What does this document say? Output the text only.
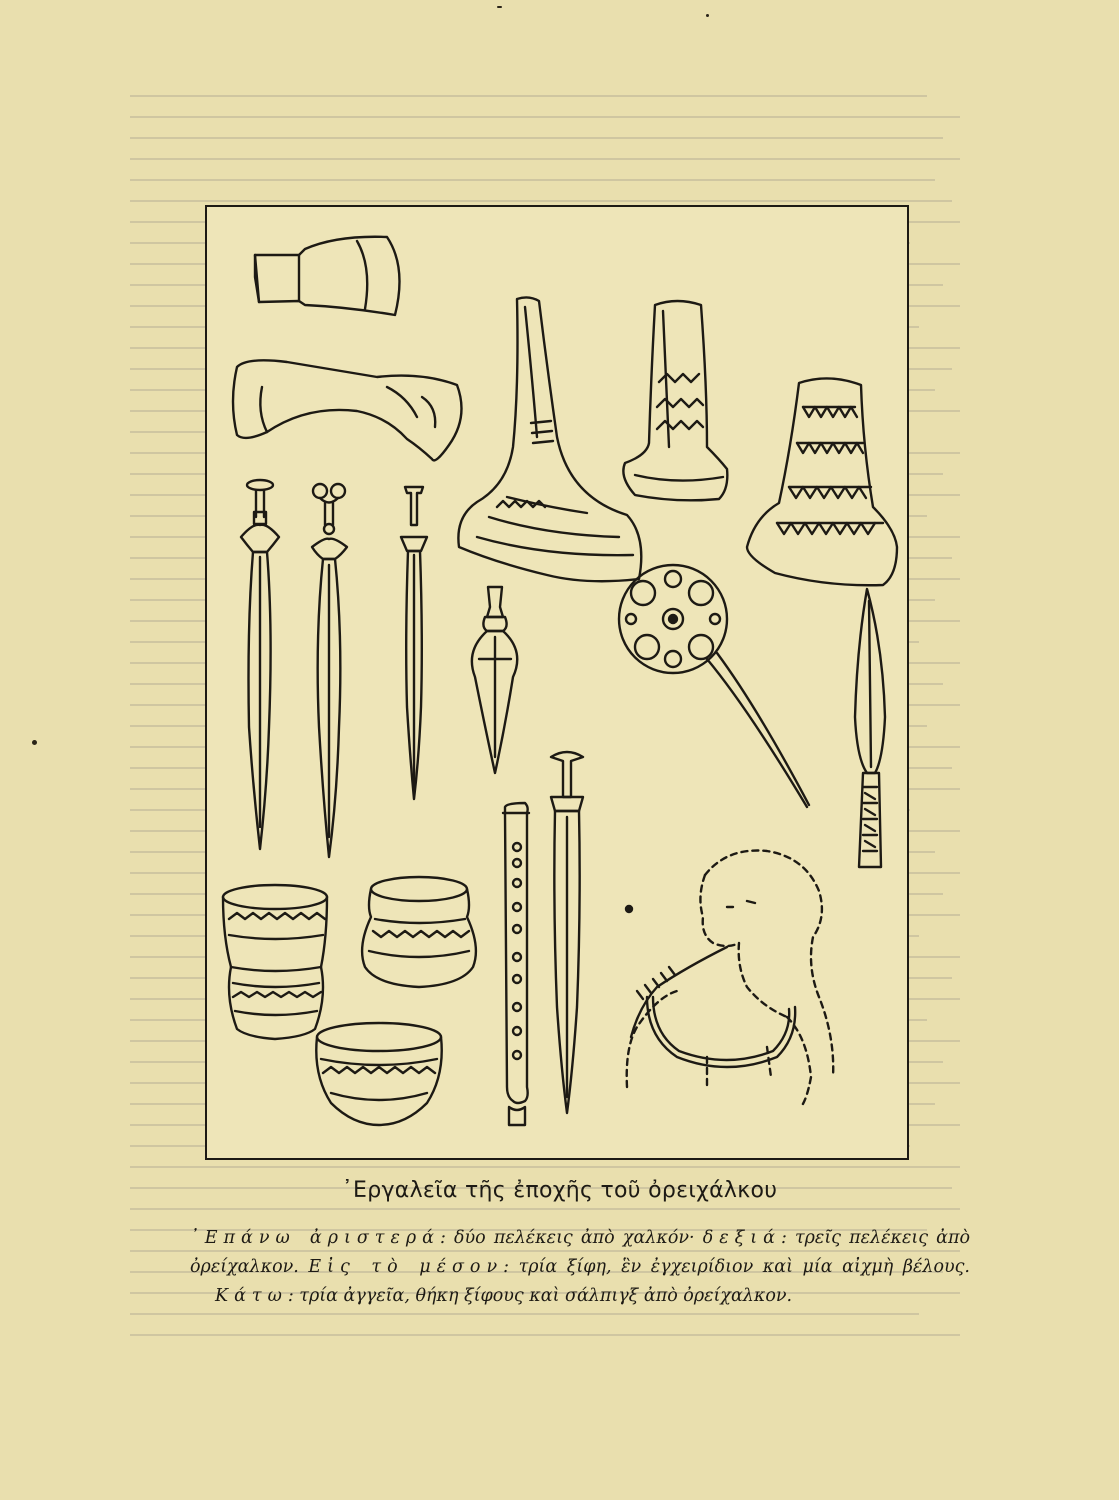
᾿Εργαλεῖα τῆς ἐποχῆς τοῦ ὀρειχάλκου

᾿Επάνω ἀριστερά: δύο πελέκεις ἀπὸ χαλκόν· δεξιά: τρεῖς πελέκεις ἀπὸ

ὀρείχαλκον. Εἰς τὸ μέσον: τρία ξίφη, ἓν ἐγχειρίδιον καὶ μία αἰχμὴ βέλους.

Κάτω: τρία ἀγγεῖα, θήκη ξίφους καὶ σάλπιγξ ἀπὸ ὀρείχαλκον.
